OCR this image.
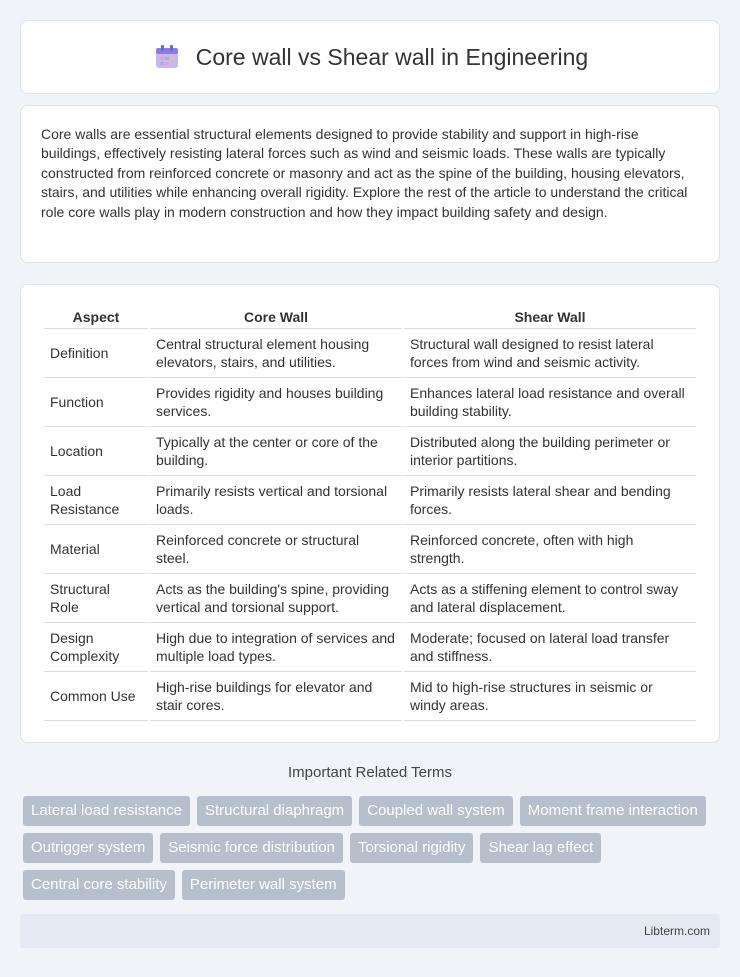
Core wall vs Shear wall in Engineering

Core walls are essential structural elements designed to provide stability and support in high-rise buildings, effectively resisting lateral forces such as wind and seismic loads. These walls are typically constructed from reinforced concrete or masonry and act as the spine of the building, housing elevators, stairs, and utilities while enhancing overall rigidity. Explore the rest of the article to understand the critical role core walls play in modern construction and how they impact building safety and design.

Aspect	Core Wall	Shear Wall
Definition	Central structural element housing elevators, stairs, and utilities.	Structural wall designed to resist lateral forces from wind and seismic activity.
Function	Provides rigidity and houses building services.	Enhances lateral load resistance and overall building stability.
Location	Typically at the center or core of the building.	Distributed along the building perimeter or interior partitions.
Load Resistance	Primarily resists vertical and torsional loads.	Primarily resists lateral shear and bending forces.
Material	Reinforced concrete or structural steel.	Reinforced concrete, often with high strength.
Structural Role	Acts as the building's spine, providing vertical and torsional support.	Acts as a stiffening element to control sway and lateral displacement.
Design Complexity	High due to integration of services and multiple load types.	Moderate; focused on lateral load transfer and stiffness.
Common Use	High-rise buildings for elevator and stair cores.	Mid to high-rise structures in seismic or windy areas.
Important Related Terms
Lateral load resistance	Structural diaphragm	Coupled wall system	Moment frame interaction
Outrigger system	Seismic force distribution	Torsional rigidity	Shear lag effect
Central core stability	Perimeter wall system
Libterm.com
